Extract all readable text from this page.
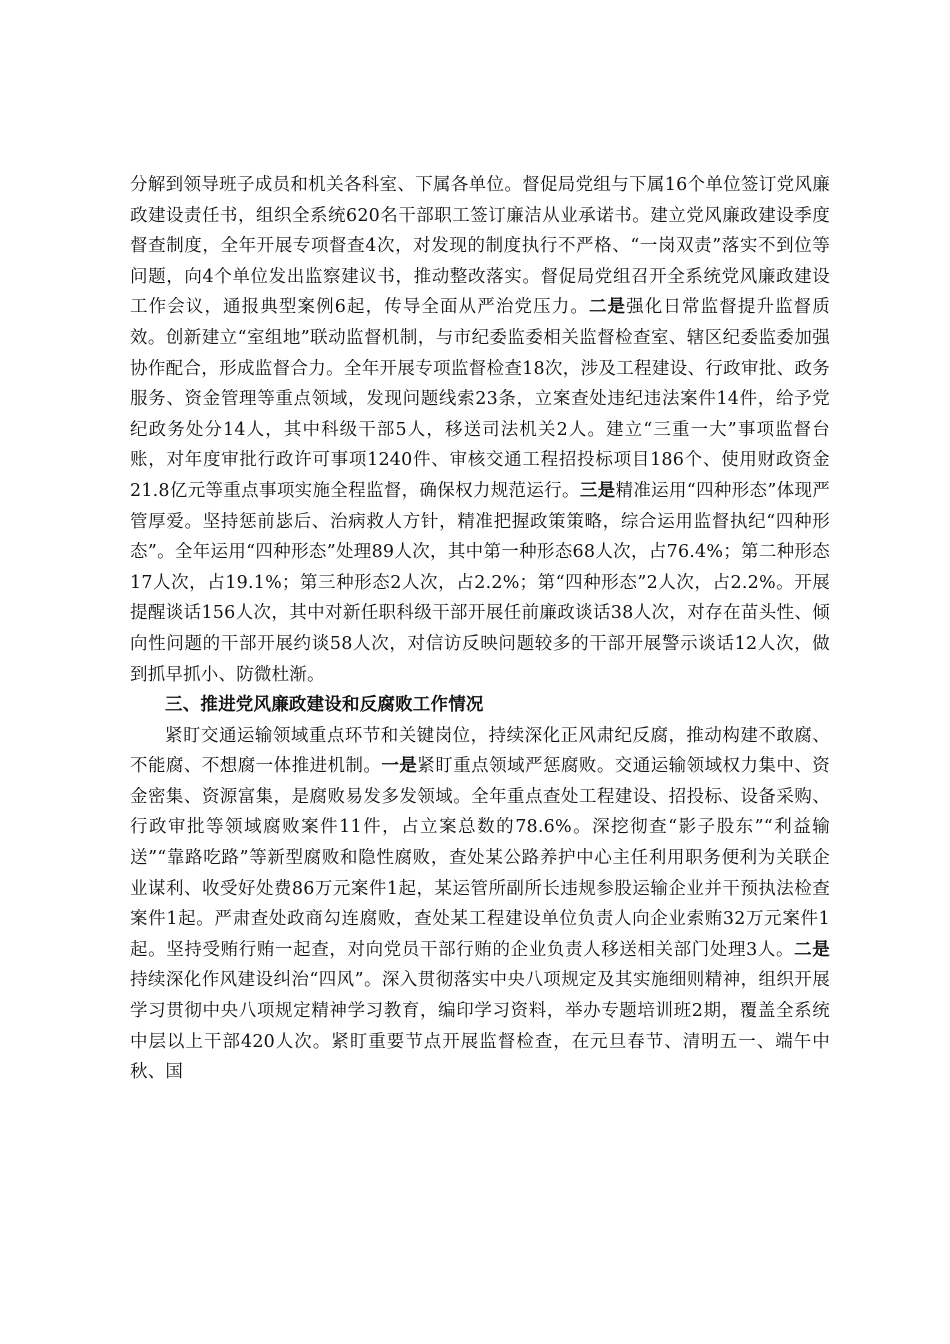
分解到领导班子成员和机关各科室、下属各单位。督促局党组与下属16个单位签订党风廉政建设责任书，组织全系统620名干部职工签订廉洁从业承诺书。建立党风廉政建设季度督查制度，全年开展专项督查4次，对发现的制度执行不严格、“一岗双责”落实不到位等问题，向4个单位发出监察建议书，推动整改落实。督促局党组召开全系统党风廉政建设工作会议，通报典型案例6起，传导全面从严治党压力。二是强化日常监督提升监督质效。创新建立“室组地”联动监督机制，与市纪委监委相关监督检查室、辖区纪委监委加强协作配合，形成监督合力。全年开展专项监督检查18次，涉及工程建设、行政审批、政务服务、资金管理等重点领域，发现问题线索23条，立案查处违纪违法案件14件，给予党纪政务处分14人，其中科级干部5人，移送司法机关2人。建立“三重一大”事项监督台账，对年度审批行政许可事项1240件、审核交通工程招投标项目186个、使用财政资金21.8亿元等重点事项实施全程监督，确保权力规范运行。三是精准运用“四种形态”体现严管厚爱。坚持惩前毖后、治病救人方针，精准把握政策策略，综合运用监督执纪“四种形态”。全年运用“四种形态”处理89人次，其中第一种形态68人次，占76.4%；第二种形态17人次，占19.1%；第三种形态2人次，占2.2%；第“四种形态”2人次，占2.2%。开展提醒谈话156人次，其中对新任职科级干部开展任前廉政谈话38人次，对存在苗头性、倾向性问题的干部开展约谈58人次，对信访反映问题较多的干部开展警示谈话12人次，做到抓早抓小、防微杜渐。

三、推进党风廉政建设和反腐败工作情况

紧盯交通运输领域重点环节和关键岗位，持续深化正风肃纪反腐，推动构建不敢腐、不能腐、不想腐一体推进机制。一是紧盯重点领域严惩腐败。交通运输领域权力集中、资金密集、资源富集，是腐败易发多发领域。全年重点查处工程建设、招投标、设备采购、行政审批等领域腐败案件11件，占立案总数的78.6%。深挖彻查“影子股东”“利益输送”“靠路吃路”等新型腐败和隐性腐败，查处某公路养护中心主任利用职务便利为关联企业谋利、收受好处费86万元案件1起，某运管所副所长违规参股运输企业并干预执法检查案件1起。严肃查处政商勾连腐败，查处某工程建设单位负责人向企业索贿32万元案件1起。坚持受贿行贿一起查，对向党员干部行贿的企业负责人移送相关部门处理3人。二是持续深化作风建设纠治“四风”。深入贯彻落实中央八项规定及其实施细则精神，组织开展学习贯彻中央八项规定精神学习教育，编印学习资料，举办专题培训班2期，覆盖全系统中层以上干部420人次。紧盯重要节点开展监督检查，在元旦春节、清明五一、端午中秋、国
